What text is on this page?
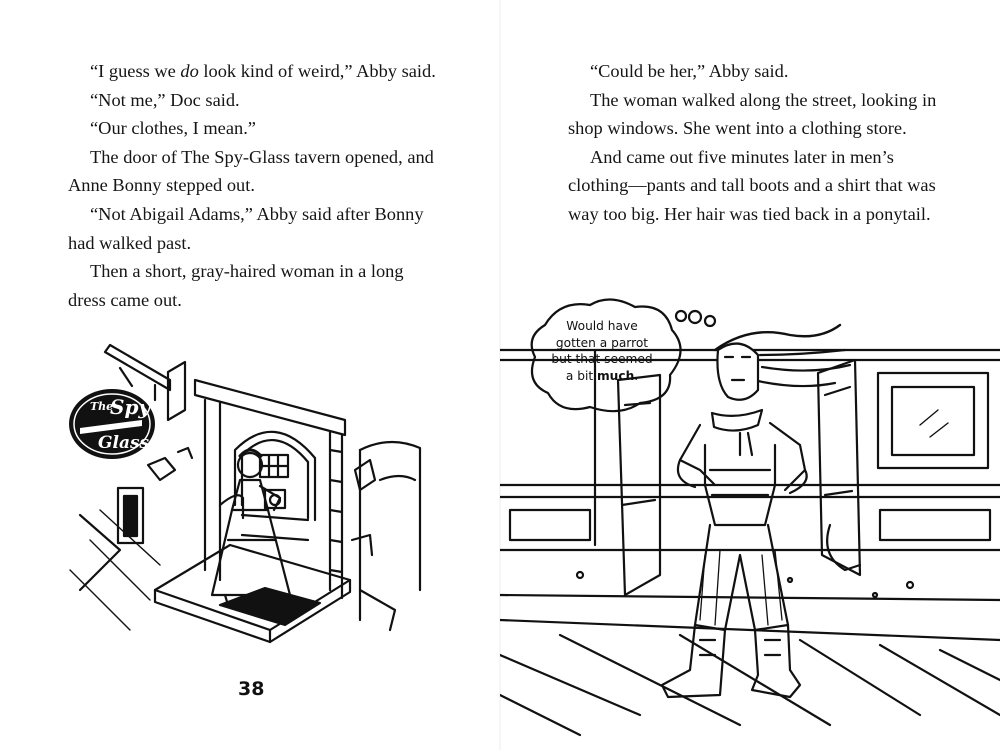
“I guess we do look kind of weird,” Abby said.

“Not me,” Doc said.

“Our clothes, I mean.”

The door of The Spy-Glass tavern opened, and Anne Bonny stepped out.

“Not Abigail Adams,” Abby said after Bonny had walked past.

Then a short, gray-haired woman in a long dress came out.

The
Spy
Glass
38

“Could be her,” Abby said.

The woman walked along the street, looking in shop windows. She went into a clothing store.

And came out five minutes later in men’s clothing—pants and tall boots and a shirt that was way too big. Her hair was tied back in a ponytail.

Would have
gotten a parrot
but that seemed
a bit much.
